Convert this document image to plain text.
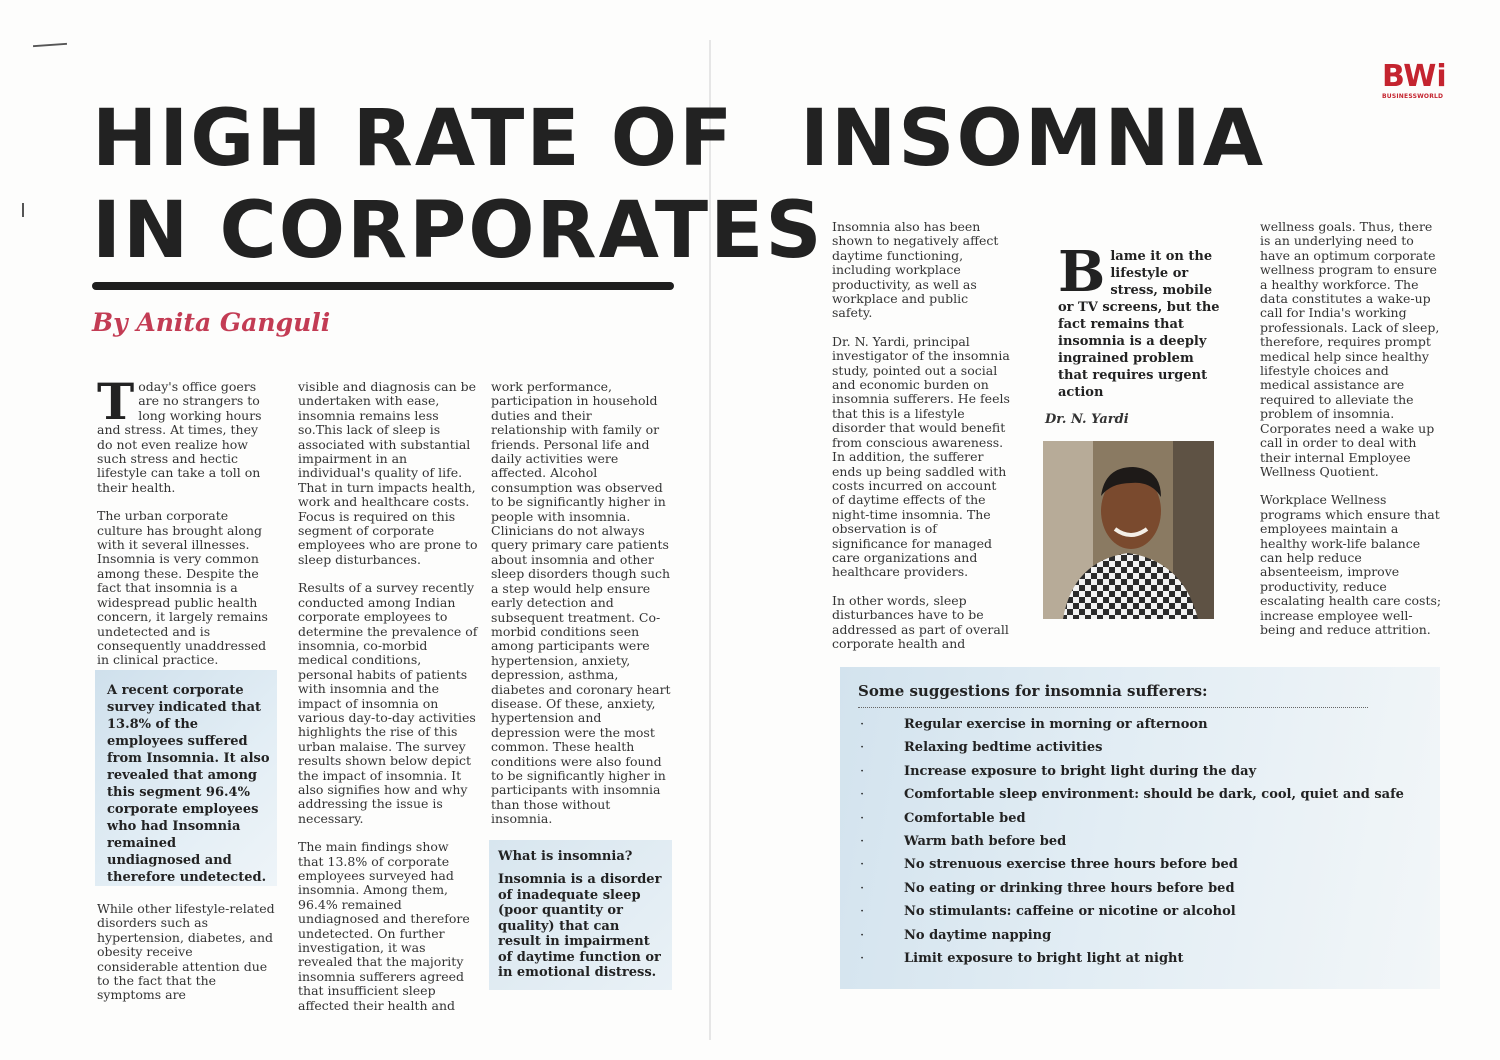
HIGH RATE OF
IN CORPORATES
INSOMNIA
By Anita Ganguli
BWi
BUSINESSWORLD

Today's office goers are no strangers to long working hours and stress. At times, they do not even realize how such stress and hectic lifestyle can take a toll on their health.

The urban corporate culture has brought along with it several illnesses. Insomnia is very common among these. Despite the fact that insomnia is a widespread public health concern, it largely remains undetected and is consequently unaddressed in clinical practice.

A recent corporate survey indicated that 13.8% of the employees suffered from Insomnia. It also revealed that among this segment 96.4% corporate employees who had Insomnia remained undiagnosed and therefore undetected.

While other lifestyle-related disorders such as hypertension, diabetes, and obesity receive considerable attention due to the fact that the symptoms are

visible and diagnosis can be undertaken with ease, insomnia remains less so.This lack of sleep is associated with substantial impairment in an individual's quality of life. That in turn impacts health, work and healthcare costs. Focus is required on this segment of corporate employees who are prone to sleep disturbances.

Results of a survey recently conducted among Indian corporate employees to determine the prevalence of insomnia, co-morbid medical conditions, personal habits of patients with insomnia and the impact of insomnia on various day-to-day activities highlights the rise of this urban malaise. The survey results shown below depict the impact of insomnia. It also signifies how and why addressing the issue is necessary.

The main findings show that 13.8% of corporate employees surveyed had insomnia. Among them, 96.4% remained undiagnosed and therefore undetected. On further investigation, it was revealed that the majority insomnia sufferers agreed that insufficient sleep affected their health and

work performance, participation in household duties and their relationship with family or friends. Personal life and daily activities were affected. Alcohol consumption was observed to be significantly higher in people with insomnia.

Clinicians do not always query primary care patients about insomnia and other sleep disorders though such a step would help ensure early detection and subsequent treatment. Co-morbid conditions seen among participants were hypertension, anxiety, depression, asthma, diabetes and coronary heart disease. Of these, anxiety, hypertension and depression were the most common. These health conditions were also found to be significantly higher in participants with insomnia than those without insomnia.

What is insomnia?
Insomnia is a disorder of inadequate sleep (poor quantity or quality) that can result in impairment of daytime function or in emotional distress.

Insomnia also has been shown to negatively affect daytime functioning, including workplace productivity, as well as workplace and public safety.

Dr. N. Yardi, principal investigator of the insomnia study, pointed out a social and economic burden on insomnia sufferers. He feels that this is a lifestyle disorder that would benefit from conscious awareness. In addition, the sufferer ends up being saddled with costs incurred on account of daytime effects of the night-time insomnia. The observation is of significance for managed care organizations and healthcare providers.

In other words, sleep disturbances have to be addressed as part of overall corporate health and

Blame it on the lifestyle or stress, mobile or TV screens, but the fact remains that insomnia is a deeply ingrained problem that requires urgent action
Dr. N. Yardi

wellness goals. Thus, there is an underlying need to have an optimum corporate wellness program to ensure a healthy workforce. The data constitutes a wake-up call for India's working professionals. Lack of sleep, therefore, requires prompt medical help since healthy lifestyle choices and medical assistance are required to alleviate the problem of insomnia.

Corporates need a wake up call in order to deal with their internal Employee Wellness Quotient.

Workplace Wellness programs which ensure that employees maintain a healthy work-life balance can help reduce absenteeism, improve productivity, reduce escalating health care costs; increase employee well-being and reduce attrition.

Some suggestions for insomnia sufferers:
·	Regular exercise in morning or afternoon
·	Relaxing bedtime activities
·	Increase exposure to bright light during the day
·	Comfortable sleep environment: should be dark, cool, quiet and safe
·	Comfortable bed
·	Warm bath before bed
·	No strenuous exercise three hours before bed
·	No eating or drinking three hours before bed
·	No stimulants: caffeine or nicotine or alcohol
·	No daytime napping
·	Limit exposure to bright light at night
